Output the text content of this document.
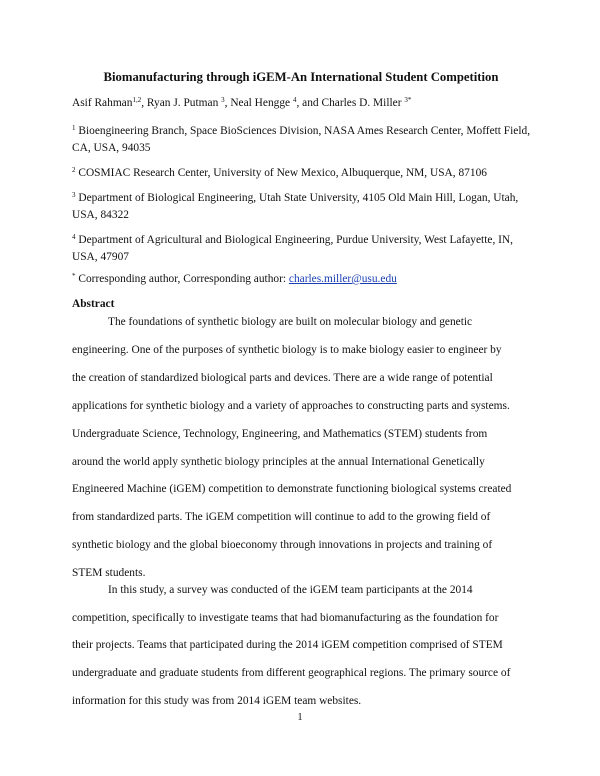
Biomanufacturing through iGEM-An International Student Competition
Asif Rahman$^{1,2}$, Ryan J. Putman $^3$, Neal Hengge $^4$, and Charles D. Miller $^{3*}$
$^1$ Bioengineering Branch, Space BioSciences Division, NASA Ames Research Center, Moffett Field, CA, USA, 94035
$^2$ COSMIAC Research Center, University of New Mexico, Albuquerque, NM, USA, 87106
$^3$ Department of Biological Engineering, Utah State University, 4105 Old Main Hill, Logan, Utah, USA, 84322
$^4$ Department of Agricultural and Biological Engineering, Purdue University, West Lafayette, IN, USA, 47907
* Corresponding author, Corresponding author: charles.miller@usu.edu
Abstract
The foundations of synthetic biology are built on molecular biology and genetic
engineering. One of the purposes of synthetic biology is to make biology easier to engineer by
the creation of standardized biological parts and devices. There are a wide range of potential
applications for synthetic biology and a variety of approaches to constructing parts and systems.
Undergraduate Science, Technology, Engineering, and Mathematics (STEM) students from
around the world apply synthetic biology principles at the annual International Genetically
Engineered Machine (iGEM) competition to demonstrate functioning biological systems created
from standardized parts. The iGEM competition will continue to add to the growing field of
synthetic biology and the global bioeconomy through innovations in projects and training of
STEM students.
In this study, a survey was conducted of the iGEM team participants at the 2014
competition, specifically to investigate teams that had biomanufacturing as the foundation for
their projects. Teams that participated during the 2014 iGEM competition comprised of STEM
undergraduate and graduate students from different geographical regions. The primary source of
information for this study was from 2014 iGEM team websites.
1
